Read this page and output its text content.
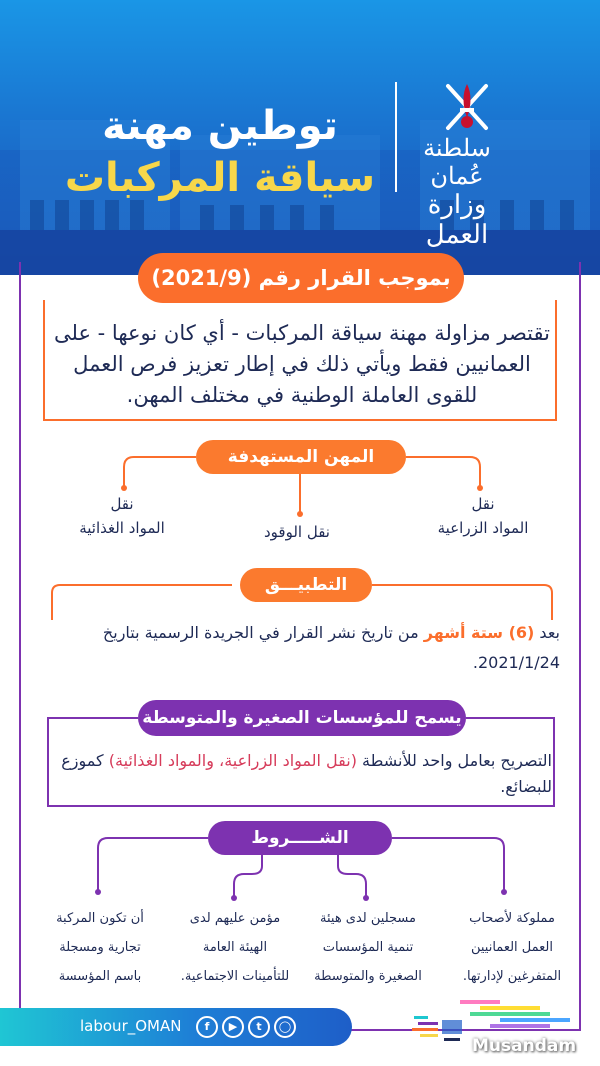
توطين مهنة
سياقة المركبات
سلطنة عُمان
وزارة العمل
بموجب القرار رقم (2021/9)
تقتصر مزاولة مهنة سياقة المركبات - أي كان نوعها - على العمانيين فقط ويأتي ذلك في إطار تعزيز فرص العمل للقوى العاملة الوطنية في مختلف المهن.
المهن المستهدفة
نقل
المواد الزراعية
نقل الوقود
نقل
المواد الغذائية
التطبيـــق
بعد (6) ستة أشهر من تاريخ نشر القرار في الجريدة الرسمية بتاريخ 2021/1/24.
يسمح للمؤسسات الصغيرة والمتوسطة
التصريح بعامل واحد للأنشطة (نقل المواد الزراعية، والمواد الغذائية) كموزع للبضائع.
الشـــــروط
مملوكة لأصحاب
العمل العمانيين
المتفرغين لإدارتها.
مسجلين لدى هيئة
تنمية المؤسسات
الصغيرة والمتوسطة
مؤمن عليهم لدى
الهيئة العامة
للتأمينات الاجتماعية.
أن تكون المركبة
تجارية ومسجلة
باسم المؤسسة
labour_OMAN	f	▶	t	◯
Musandam
